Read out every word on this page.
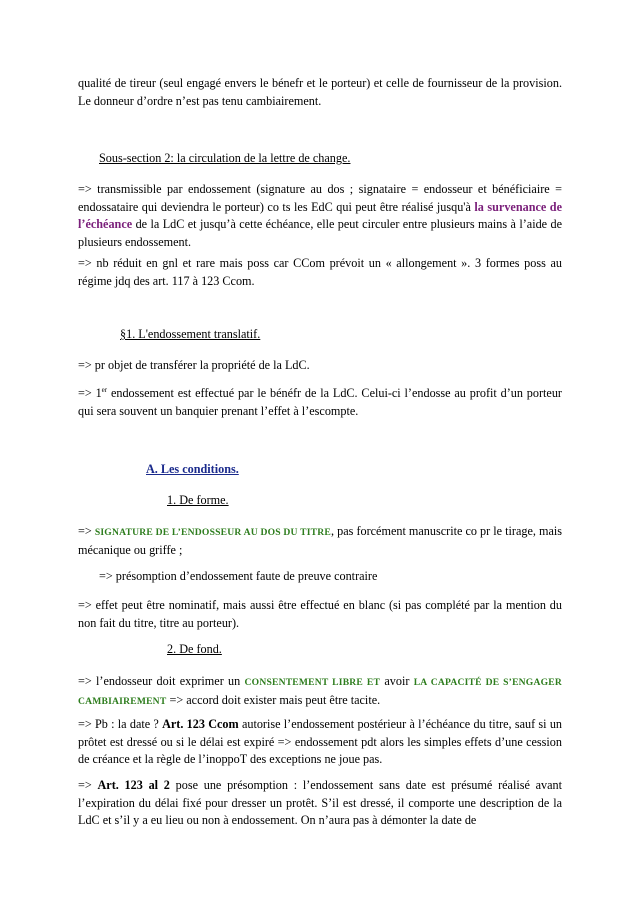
qualité de tireur (seul engagé envers le bénefr et le porteur) et celle de fournisseur de la provision. Le donneur d’ordre n’est pas tenu cambiairement.

Sous-section 2: la circulation de la lettre de change.

=> transmissible par endossement (signature au dos ; signataire = endosseur et bénéficiaire = endossataire qui deviendra le porteur) co ts les EdC qui peut être réalisé jusqu'à la survenance de l’échéance de la LdC et jusqu’à cette échéance, elle peut circuler entre plusieurs mains à l’aide de plusieurs endossement.

=> nb réduit en gnl et rare mais poss car CCom prévoit un « allongement ». 3 formes poss au régime jdq des art. 117 à 123 Ccom.

§1. L'endossement translatif.

=> pr objet de transférer la propriété de la LdC.

=> 1er endossement est effectué par le bénéfr de la LdC. Celui-ci l’endosse au profit d’un porteur qui sera souvent un banquier prenant l’effet à l’escompte.

A. Les conditions.

1. De forme.

=> SIGNATURE DE L’ENDOSSEUR AU DOS DU TITRE, pas forcément manuscrite co pr le tirage, mais mécanique ou griffe ;

=> présomption d’endossement faute de preuve contraire

=> effet peut être nominatif, mais aussi être effectué en blanc (si pas complété par la mention du non fait du titre, titre au porteur).

2. De fond.

=> l’endosseur doit exprimer un CONSENTEMENT LIBRE ET avoir LA CAPACITÉ DE S’ENGAGER CAMBIAIREMENT => accord doit exister mais peut être tacite.

=> Pb : la date ? Art. 123 Ccom autorise l’endossement postérieur à l’échéance du titre, sauf si un prôtet est dressé ou si le délai est expiré => endossement pdt alors les simples effets d’une cession de créance et la règle de l’inoppoT des exceptions ne joue pas.

=> Art. 123 al 2 pose une présomption : l’endossement sans date est présumé réalisé avant l’expiration du délai fixé pour dresser un protêt. S’il est dressé, il comporte une description de la LdC et s’il y a eu lieu ou non à endossement. On n’aura pas à démonter la date de
